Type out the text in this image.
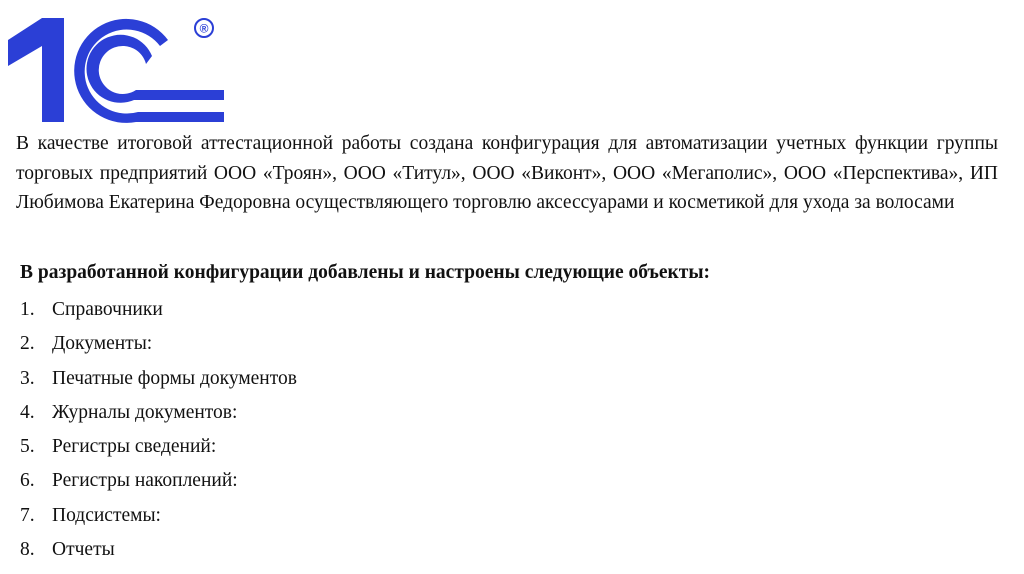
®

В качестве итоговой аттестационной работы создана конфигурация для автоматизации учетных функции группы торговых предприятий ООО «Троян», ООО «Титул», ООО «Виконт», ООО «Мегаполис», ООО «Перспектива», ИП Любимова Екатерина Федоровна осуществляющего торговлю аксессуарами и косметикой для ухода за волосами

В разработанной конфигурации добавлены и настроены следующие объекты:

1. Справочники
2. Документы:
3. Печатные формы документов
4. Журналы документов:
5. Регистры сведений:
6. Регистры накоплений:
7. Подсистемы:
8. Отчеты
